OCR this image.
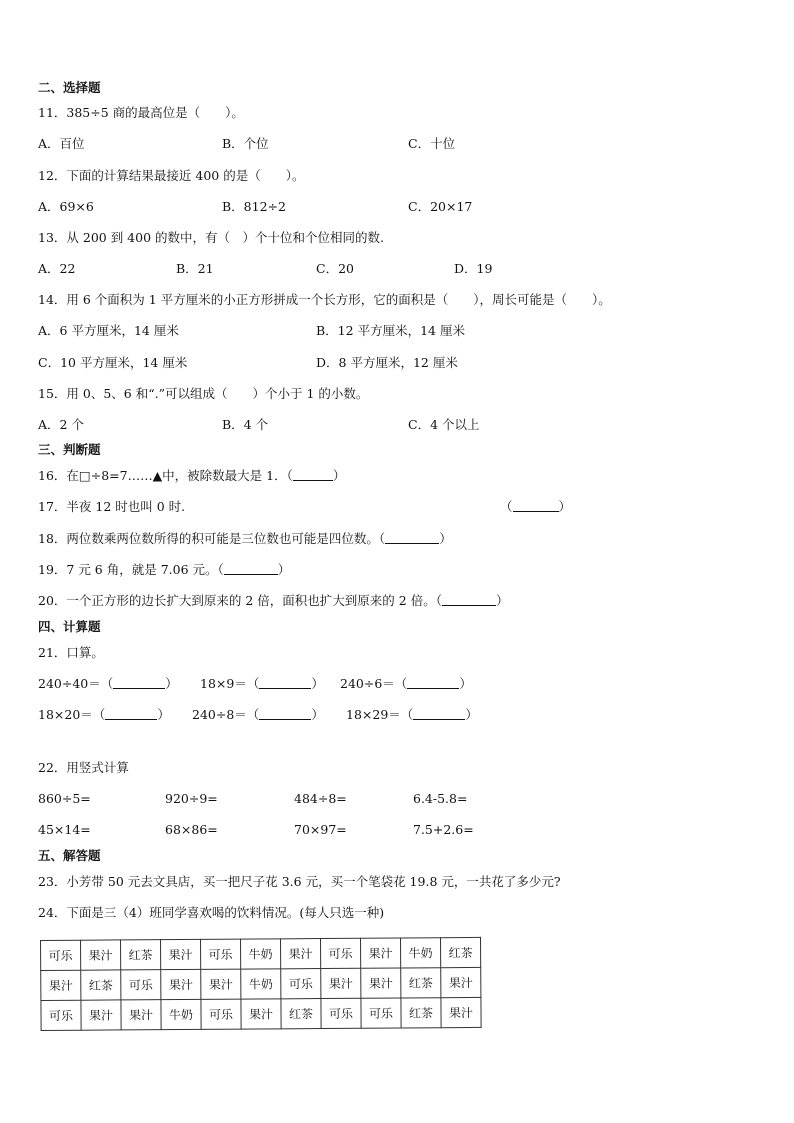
二、选择题
11．385÷5 商的最高位是（　　）。
A．百位	B．个位	C．十位
12．下面的计算结果最接近 400 的是（　　）。
A．69×6	B．812÷2	C．20×17
13．从 200 到 400 的数中，有（　）个十位和个位相同的数.
A．22	B．21	C．20	D．19
14．用 6 个面积为 1 平方厘米的小正方形拼成一个长方形，它的面积是（　　），周长可能是（　　）。
A．6 平方厘米，14 厘米	B．12 平方厘米，14 厘米
C．10 平方厘米，14 厘米	D．8 平方厘米，12 厘米
15．用 0、5、6 和“.”可以组成（　　）个小于 1 的小数。
A．2 个	B．4 个	C．4 个以上
三、判断题
16．在□÷8=7……▲中，被除数最大是 1．（	）
17．半夜 12 时也叫 0 时.	（	）
18．两位数乘两位数所得的积可能是三位数也可能是四位数。（	）
19．7 元 6 角，就是 7.06 元。（	）
20．一个正方形的边长扩大到原来的 2 倍，面积也扩大到原来的 2 倍。（	）
四、计算题
21．口算。
240÷40＝（	） 18×9＝（	） 240÷6＝（	）
18×20＝（	） 240÷8＝（	） 18×29＝（	）
22．用竖式计算
860÷5=	920÷9=	484÷8=	6.4-5.8=
45×14=	68×86=	70×97=	7.5+2.6=
五、解答题
23．小芳带 50 元去文具店，买一把尺子花 3.6 元，买一个笔袋花 19.8 元，一共花了多少元?
24．下面是三（4）班同学喜欢喝的饮料情况。(每人只选一种)
可乐	果汁	红茶	果汁	可乐	牛奶	果汁	可乐	果汁	牛奶	红茶
果汁	红茶	可乐	果汁	果汁	牛奶	可乐	果汁	果汁	红茶	果汁
可乐	果汁	果汁	牛奶	可乐	果汁	红茶	可乐	可乐	红茶	果汁
